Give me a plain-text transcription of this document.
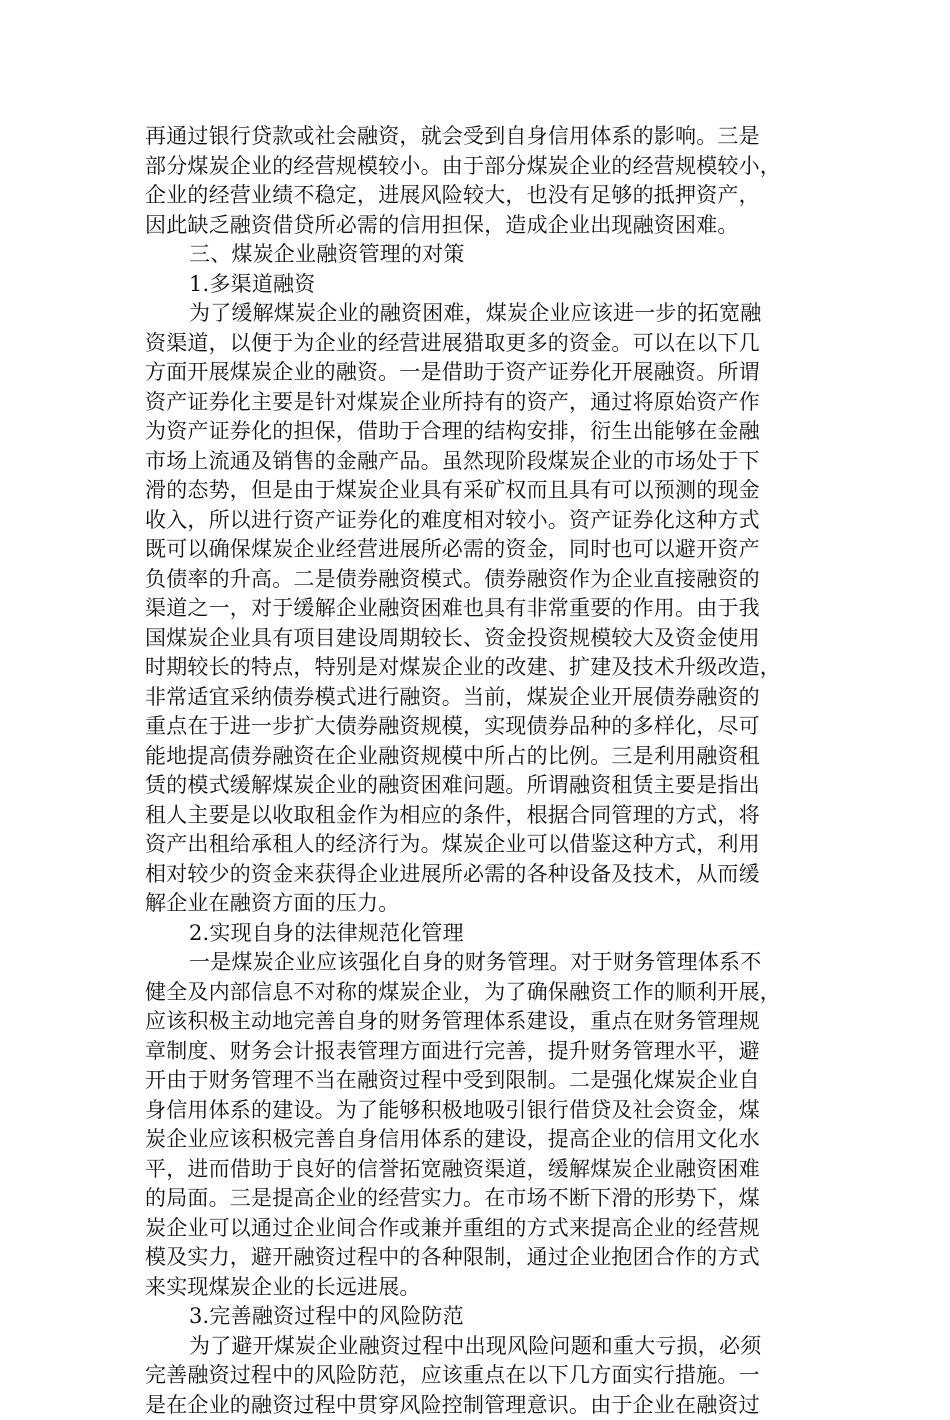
再通过银行贷款或社会融资，就会受到自身信用体系的影响。三是
部分煤炭企业的经营规模较小。由于部分煤炭企业的经营规模较小，
企业的经营业绩不稳定，进展风险较大，也没有足够的抵押资产，
因此缺乏融资借贷所必需的信用担保，造成企业出现融资困难。
三、煤炭企业融资管理的对策
1.多渠道融资
为了缓解煤炭企业的融资困难，煤炭企业应该进一步的拓宽融
资渠道，以便于为企业的经营进展猎取更多的资金。可以在以下几
方面开展煤炭企业的融资。一是借助于资产证券化开展融资。所谓
资产证券化主要是针对煤炭企业所持有的资产，通过将原始资产作
为资产证券化的担保，借助于合理的结构安排，衍生出能够在金融
市场上流通及销售的金融产品。虽然现阶段煤炭企业的市场处于下
滑的态势，但是由于煤炭企业具有采矿权而且具有可以预测的现金
收入，所以进行资产证券化的难度相对较小。资产证券化这种方式
既可以确保煤炭企业经营进展所必需的资金，同时也可以避开资产
负债率的升高。二是债券融资模式。债券融资作为企业直接融资的
渠道之一，对于缓解企业融资困难也具有非常重要的作用。由于我
国煤炭企业具有项目建设周期较长、资金投资规模较大及资金使用
时期较长的特点，特别是对煤炭企业的改建、扩建及技术升级改造，
非常适宜采纳债券模式进行融资。当前，煤炭企业开展债券融资的
重点在于进一步扩大债券融资规模，实现债券品种的多样化，尽可
能地提高债券融资在企业融资规模中所占的比例。三是利用融资租
赁的模式缓解煤炭企业的融资困难问题。所谓融资租赁主要是指出
租人主要是以收取租金作为相应的条件，根据合同管理的方式，将
资产出租给承租人的经济行为。煤炭企业可以借鉴这种方式，利用
相对较少的资金来获得企业进展所必需的各种设备及技术，从而缓
解企业在融资方面的压力。
2.实现自身的法律规范化管理
一是煤炭企业应该强化自身的财务管理。对于财务管理体系不
健全及内部信息不对称的煤炭企业，为了确保融资工作的顺利开展，
应该积极主动地完善自身的财务管理体系建设，重点在财务管理规
章制度、财务会计报表管理方面进行完善，提升财务管理水平，避
开由于财务管理不当在融资过程中受到限制。二是强化煤炭企业自
身信用体系的建设。为了能够积极地吸引银行借贷及社会资金，煤
炭企业应该积极完善自身信用体系的建设，提高企业的信用文化水
平，进而借助于良好的信誉拓宽融资渠道，缓解煤炭企业融资困难
的局面。三是提高企业的经营实力。在市场不断下滑的形势下，煤
炭企业可以通过企业间合作或兼并重组的方式来提高企业的经营规
模及实力，避开融资过程中的各种限制，通过企业抱团合作的方式
来实现煤炭企业的长远进展。
3.完善融资过程中的风险防范
为了避开煤炭企业融资过程中出现风险问题和重大亏损，必须
完善融资过程中的风险防范，应该重点在以下几方面实行措施。一
是在企业的融资过程中贯穿风险控制管理意识。由于企业在融资过
